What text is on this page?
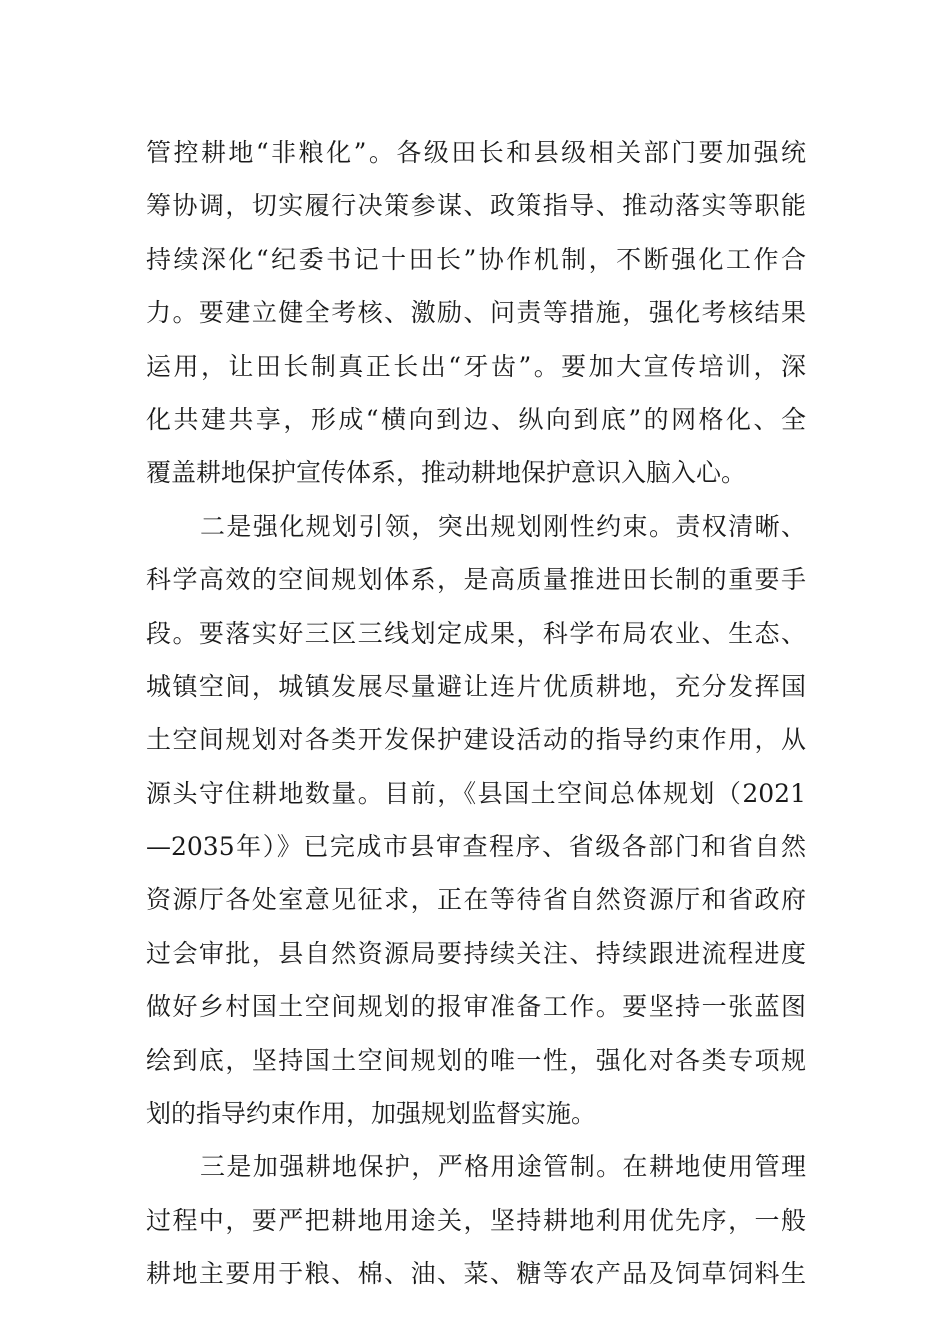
管控耕地“非粮化”。各级田长和县级相关部门要加强统
筹协调，切实履行决策参谋、政策指导、推动落实等职能
持续深化“纪委书记十田长”协作机制，不断强化工作合
力。要建立健全考核、激励、问责等措施，强化考核结果
运用，让田长制真正长出“牙齿”。要加大宣传培训，深
化共建共享，形成“横向到边、纵向到底”的网格化、全
覆盖耕地保护宣传体系，推动耕地保护意识入脑入心。
二是强化规划引领，突出规划刚性约束。责权清晰、
科学高效的空间规划体系，是高质量推进田长制的重要手
段。要落实好三区三线划定成果，科学布局农业、生态、
城镇空间，城镇发展尽量避让连片优质耕地，充分发挥国
土空间规划对各类开发保护建设活动的指导约束作用，从
源头守住耕地数量。目前，《县国土空间总体规划（2021
—2035年）》已完成市县审查程序、省级各部门和省自然
资源厅各处室意见征求，正在等待省自然资源厅和省政府
过会审批，县自然资源局要持续关注、持续跟进流程进度
做好乡村国土空间规划的报审准备工作。要坚持一张蓝图
绘到底，坚持国土空间规划的唯一性，强化对各类专项规
划的指导约束作用，加强规划监督实施。
三是加强耕地保护，严格用途管制。在耕地使用管理
过程中，要严把耕地用途关，坚持耕地利用优先序，一般
耕地主要用于粮、棉、油、菜、糖等农产品及饲草饲料生
